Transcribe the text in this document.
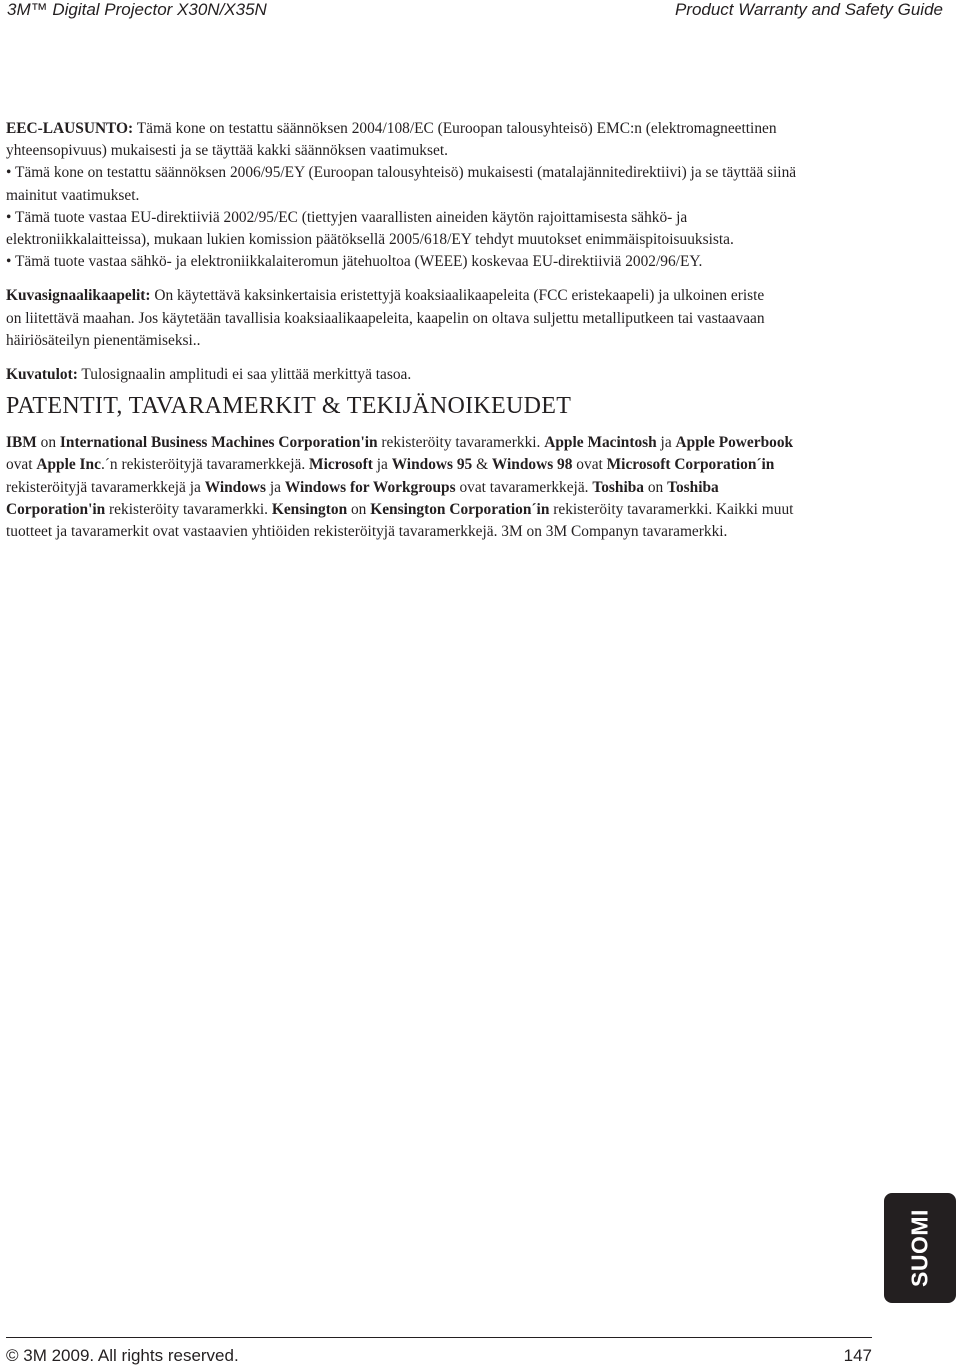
3M™ Digital Projector X30N/X35N	Product Warranty and Safety Guide

EEC-LAUSUNTO: Tämä kone on testattu säännöksen 2004/108/EC (Euroopan talousyhteisö) EMC:n (elektromagneettinen
yhteensopivuus) mukaisesti ja se täyttää kakki säännöksen vaatimukset.
• Tämä kone on testattu säännöksen 2006/95/EY (Euroopan talousyhteisö) mukaisesti (matalajännitedirektiivi) ja se täyttää siinä
mainitut vaatimukset.
• Tämä tuote vastaa EU-direktiiviä 2002/95/EC (tiettyjen vaarallisten aineiden käytön rajoittamisesta sähkö- ja
elektroniikkalaitteissa), mukaan lukien komission päätöksellä 2005/618/EY tehdyt muutokset enimmäispitoisuuksista.
• Tämä tuote vastaa sähkö- ja elektroniikkalaiteromun jätehuoltoa (WEEE) koskevaa EU-direktiiviä 2002/96/EY.

Kuvasignaalikaapelit: On käytettävä kaksinkertaisia eristettyjä koaksiaalikaapeleita (FCC eristekaapeli) ja ulkoinen eriste
on liitettävä maahan. Jos käytetään tavallisia koaksiaalikaapeleita, kaapelin on oltava suljettu metalliputkeen tai vastaavaan
häiriösäteilyn pienentämiseksi..

Kuvatulot: Tulosignaalin amplitudi ei saa ylittää merkittyä tasoa.

PATENTIT, TAVARAMERKIT & TEKIJÄNOIKEUDET

IBM on International Business Machines Corporation'in rekisteröity tavaramerkki. Apple Macintosh ja Apple Powerbook
ovat Apple Inc.´n rekisteröityjä tavaramerkkejä. Microsoft ja Windows 95 & Windows 98 ovat Microsoft Corporation´in
rekisteröityjä tavaramerkkejä ja Windows ja Windows for Workgroups ovat tavaramerkkejä. Toshiba on Toshiba
Corporation'in rekisteröity tavaramerkki. Kensington on Kensington Corporation´in rekisteröity tavaramerkki. Kaikki muut
tuotteet ja tavaramerkit ovat vastaavien yhtiöiden rekisteröityjä tavaramerkkejä. 3M on 3M Companyn tavaramerkki.

SUOMI
© 3M 2009. All rights reserved.	147
